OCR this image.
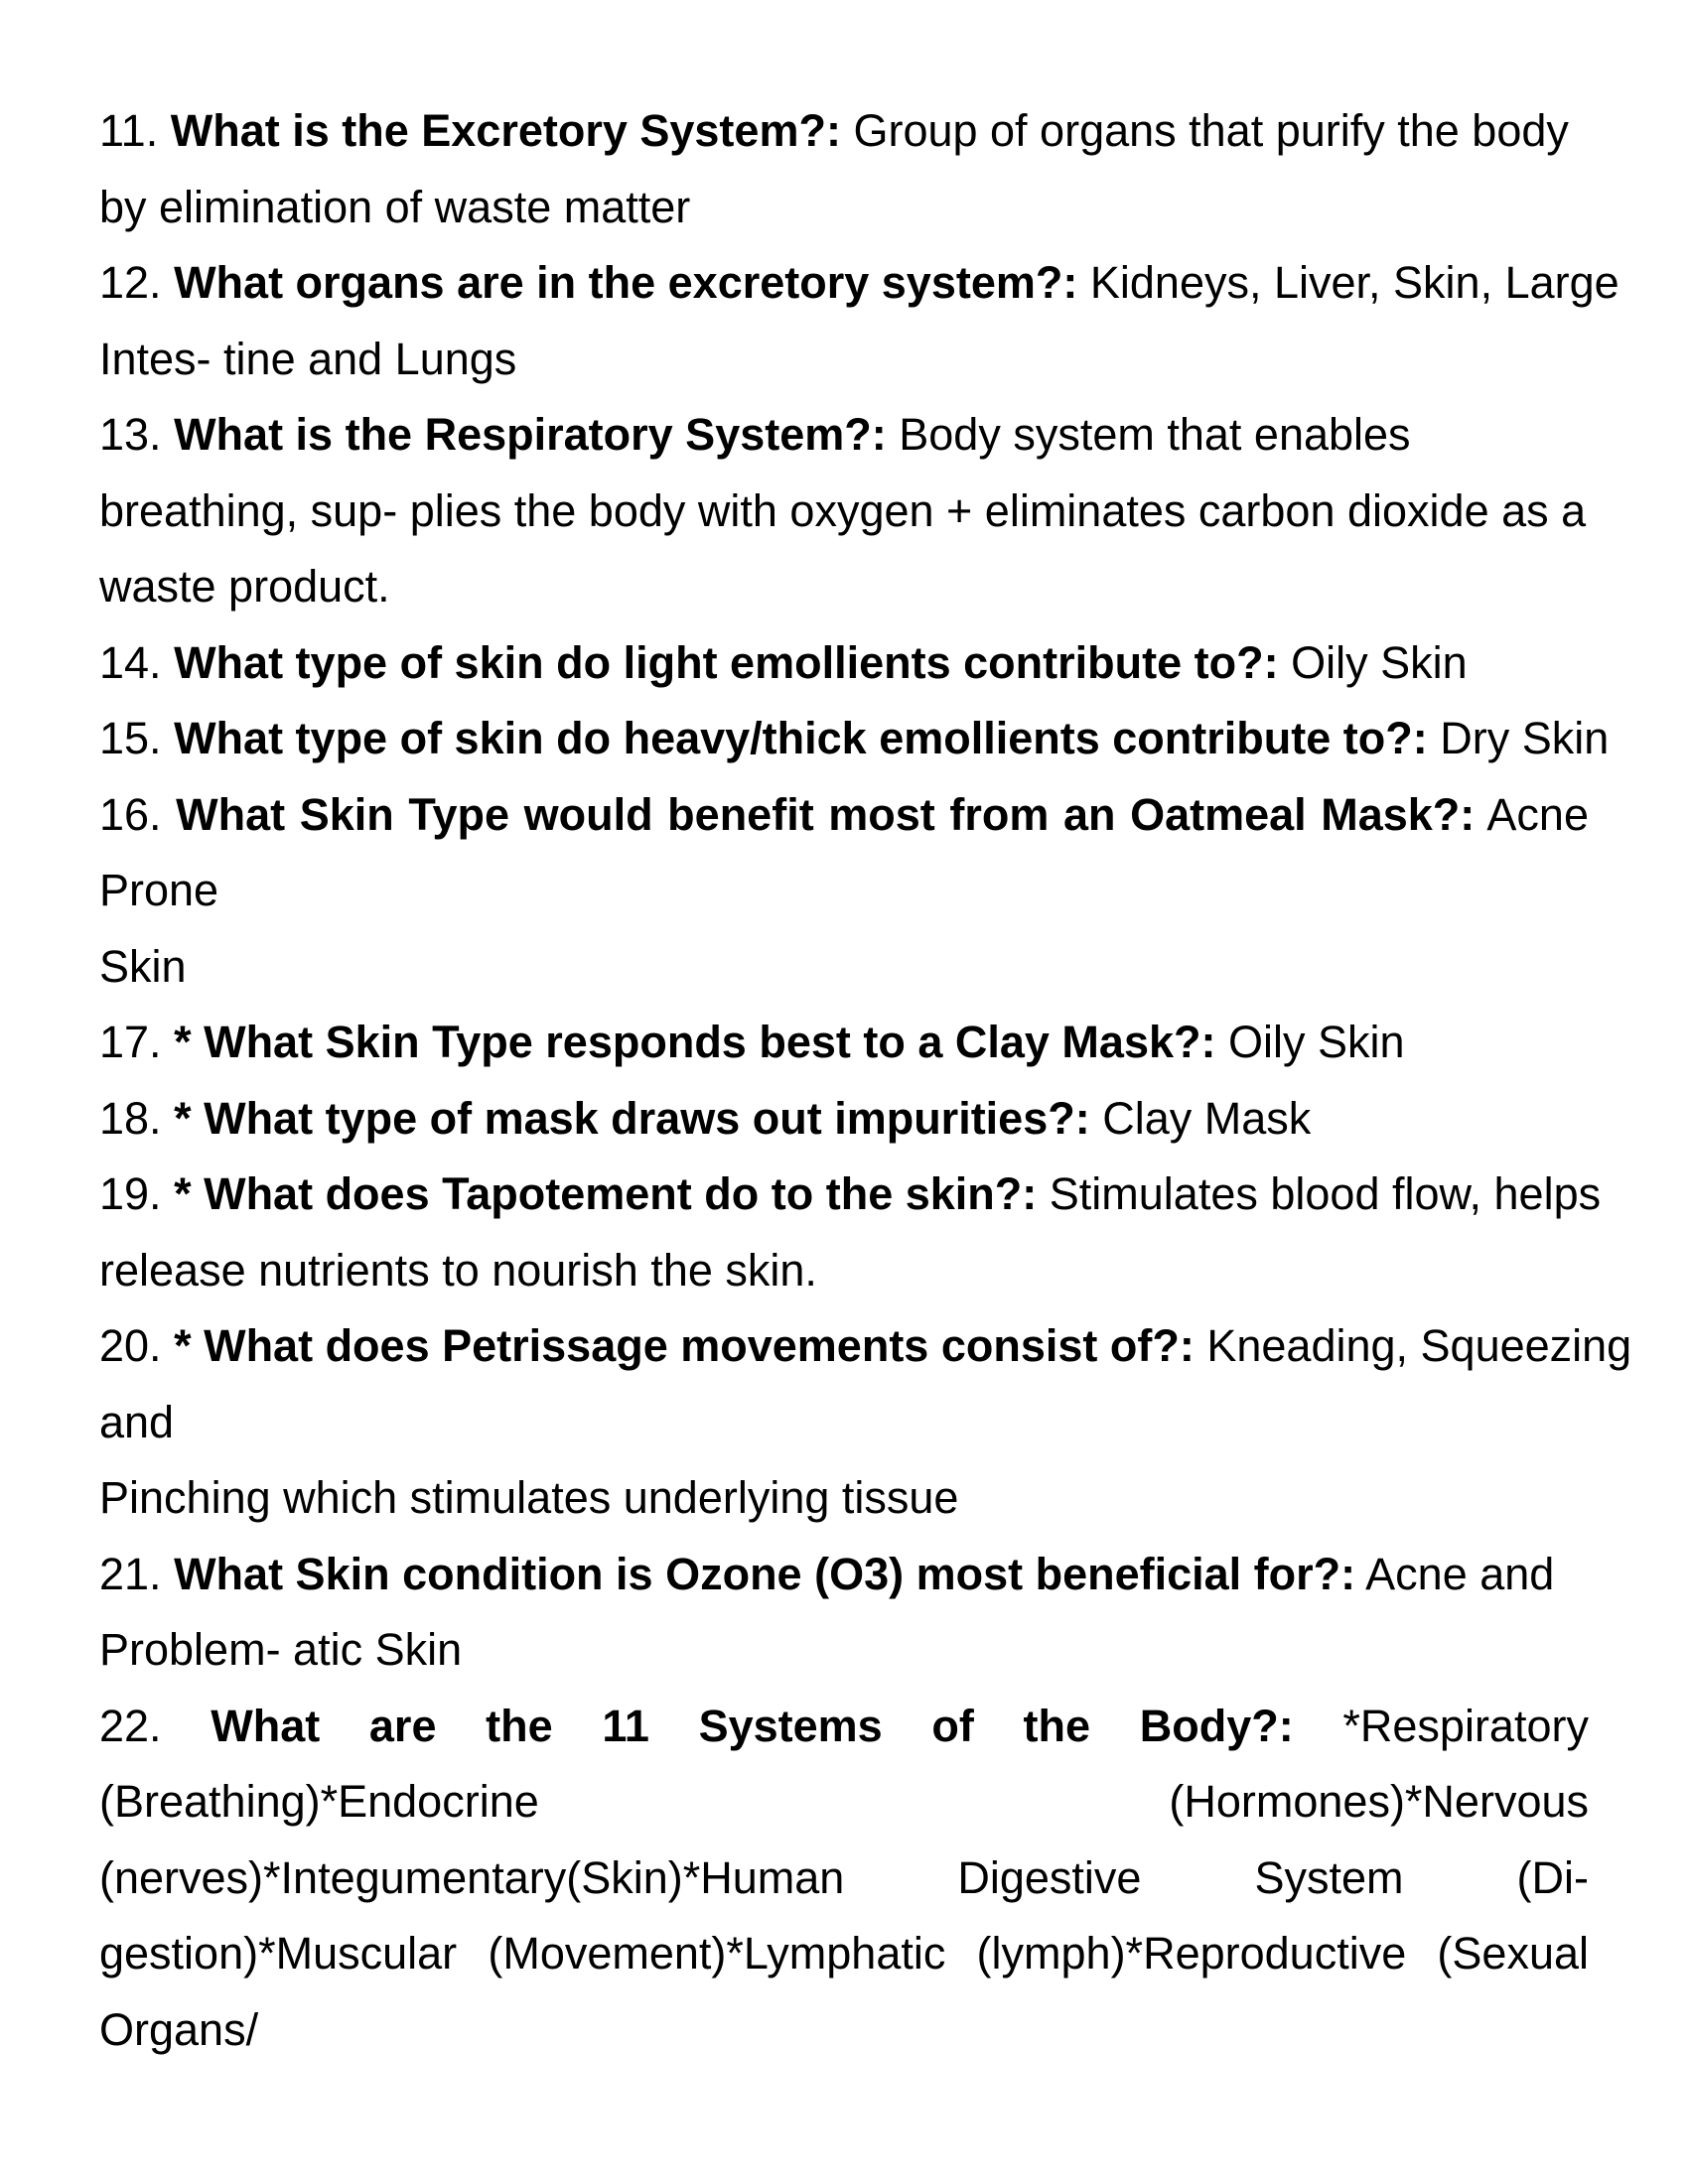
11. What is the Excretory System?: Group of organs that purify the body
by elimination of waste matter
12. What organs are in the excretory system?: Kidneys, Liver, Skin, Large
Intes- tine and Lungs
13. What is the Respiratory System?: Body system that enables
breathing, sup- plies the body with oxygen + eliminates carbon dioxide as a
waste product.
14. What type of skin do light emollients contribute to?: Oily Skin
15. What type of skin do heavy/thick emollients contribute to?: Dry Skin
16. What Skin Type would benefit most from an Oatmeal Mask?: Acne
Prone
Skin
17. * What Skin Type responds best to a Clay Mask?: Oily Skin
18. * What type of mask draws out impurities?: Clay Mask
19. * What does Tapotement do to the skin?: Stimulates blood flow, helps
release nutrients to nourish the skin.
20. * What does Petrissage movements consist of?: Kneading, Squeezing
and
Pinching which stimulates underlying tissue
21. What Skin condition is Ozone (O3) most beneficial for?: Acne and
Problem- atic Skin
22. What are the 11 Systems of the Body?: *Respiratory
(Breathing)*Endocrine (Hormones)*Nervous
(nerves)*Integumentary(Skin)*Human Digestive System (Di-
gestion)*Muscular (Movement)*Lymphatic (lymph)*Reproductive (Sexual
Organs/
